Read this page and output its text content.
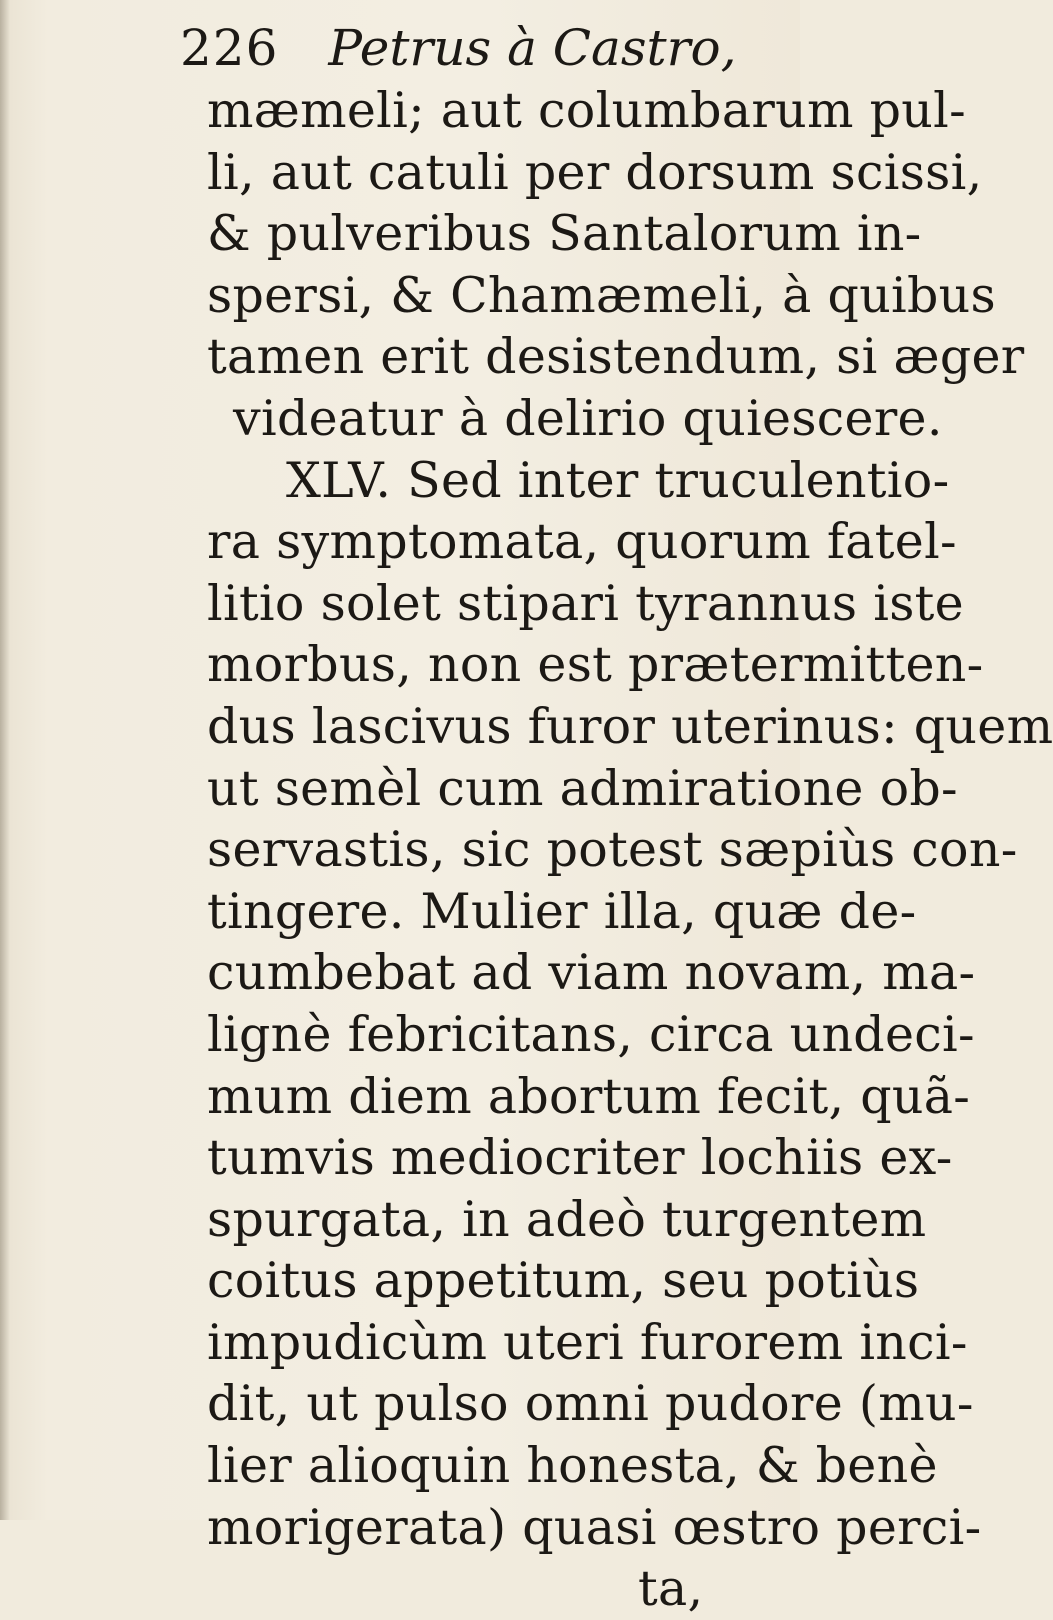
226 Petrus à Castro,
mæmeli; aut columbarum pul-
li, aut catuli per dorsum scissi,
& pulveribus Santalorum in-
spersi, & Chamæmeli, à quibus
tamen erit desistendum, si æger
videatur à delirio quiescere.
XLV. Sed inter truculentio-
ra symptomata, quorum fatel-
litio solet stipari tyrannus iste
morbus, non est prætermitten-
dus lascivus furor uterinus: quem
ut semèl cum admiratione ob-
servastis, sic potest sæpiùs con-
tingere. Mulier illa, quæ de-
cumbebat ad viam novam, ma-
lignè febricitans, circa undeci-
mum diem abortum fecit, quã-
tumvis mediocriter lochiis ex-
spurgata, in adeò turgentem
coitus appetitum, seu potiùs
impudicùm uteri furorem inci-
dit, ut pulso omni pudore (mu-
lier alioquin honesta, & benè
morigerata) quasi œstro perci-
ta,
